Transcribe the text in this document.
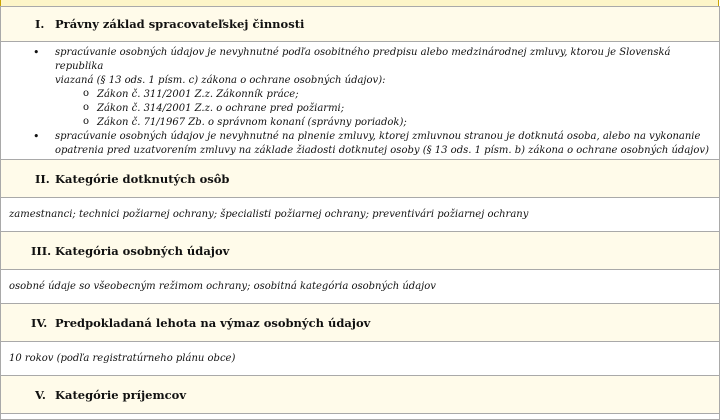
I. Právny základ spracovateľskej činnosti
• spracúvanie osobných údajov je nevyhnutné podľa osobitného predpisu alebo medzinárodnej zmluvy, ktorou je Slovenská republika
viazaná (§ 13 ods. 1 písm. c) zákona o ochrane osobných údajov):
o Zákon č. 311/2001 Z.z. Zákonník práce;
o Zákon č. 314/2001 Z.z. o ochrane pred požiarmi;
o Zákon č. 71/1967 Zb. o správnom konaní (správny poriadok);
• spracúvanie osobných údajov je nevyhnutné na plnenie zmluvy, ktorej zmluvnou stranou je dotknutá osoba, alebo na vykonanie
opatrenia pred uzatvorením zmluvy na základe žiadosti dotknutej osoby (§ 13 ods. 1 písm. b) zákona o ochrane osobných údajov)
II. Kategórie dotknutých osôb
zamestnanci; technici požiarnej ochrany; špecialisti požiarnej ochrany; preventivári požiarnej ochrany
III. Kategória osobných údajov
osobné údaje so všeobecným režimom ochrany; osobitná kategória osobných údajov
IV. Predpokladaná lehota na výmaz osobných údajov
10 rokov (podľa registratúrneho plánu obce)
V. Kategórie príjemcov
